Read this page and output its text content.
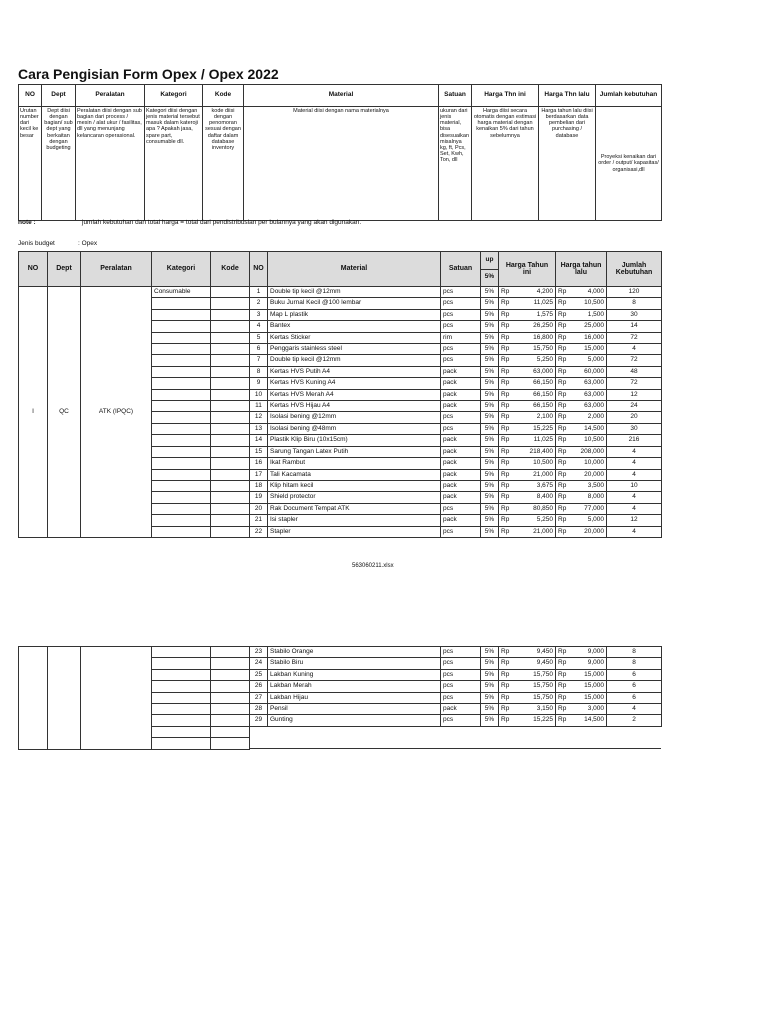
Cara Pengisian Form Opex / Opex 2022
NO	Dept	Peralatan	Kategori	Kode	Material	Satuan	Harga Thn ini	Harga Thn lalu	Jumlah kebutuhan
Urutan number dari kecil ke besar	Dept diisi dengan bagian/ sub dept yang berkaitan dengan budgeting	Peralatan diisi dengan sub bagian dari process / mesin / alat ukur / fasilitas, dll yang menunjang kelancaran operasional.	Kategori diisi dengan jenis material tersebut masuk dalam kateroji apa ? Apakah jasa, spare part, consumable dll.	kode diisi dengan penomoran sesuai dengan daftar dalam database inventory	Material diisi dengan nama materialnya	ukuran dari jenis material, bisa disesuaikan misalnya kg, ft, Pcs, Set, Kwh, Ton, dll	Harga diisi secara otomatis dengan estimasi harga material dengan kenaikan 5% dari tahun sebelumnya	Harga tahun lalu diisi berdasarkan data pembelian dari purchasing / database	Proyeksi kenaikan dari order / output/ kapasitas/ organisasi,dll
note :	jumlah kebutuhan dan total harga = total dari pendistribusian per bulannya yang akan digunakan.
Jenis budget	: Opex
NO	Dept	Peralatan	Kategori	Kode	NO	Material	Satuan	up	Harga Tahun ini	Harga tahun lalu	Jumlah Kebutuhan
								5%			
I	QC	ATK (IPQC)	Consumable		1	Double tip kecil @12mm	pcs	5%	Rp 4,200	Rp 4,000	120
					2	Buku Jurnal Kecil @100 lembar	pcs	5%	Rp 11,025	Rp 10,500	8
					3	Map L plastik	pcs	5%	Rp 1,575	Rp 1,500	30
					4	Bantex	pcs	5%	Rp 26,250	Rp 25,000	14
					5	Kertas Sticker	rim	5%	Rp 16,800	Rp 16,000	72
					6	Penggaris stainless steel	pcs	5%	Rp 15,750	Rp 15,000	4
					7	Double tip kecil @12mm	pcs	5%	Rp 5,250	Rp 5,000	72
					8	Kertas HVS Putih A4	pack	5%	Rp 63,000	Rp 60,000	48
					9	Kertas HVS Kuning A4	pack	5%	Rp 66,150	Rp 63,000	72
					10	Kertas HVS Merah A4	pack	5%	Rp 66,150	Rp 63,000	12
					11	Kertas HVS Hijau A4	pack	5%	Rp 66,150	Rp 63,000	24
					12	Isolasi bening @12mm	pcs	5%	Rp 2,100	Rp 2,000	20
					13	Isolasi bening @48mm	pcs	5%	Rp 15,225	Rp 14,500	30
					14	Plastik Klip Biru (10x15cm)	pack	5%	Rp 11,025	Rp 10,500	216
					15	Sarung Tangan Latex Putih	pack	5%	Rp 218,400	Rp 208,000	4
					16	Ikat Rambut	pack	5%	Rp 10,500	Rp 10,000	4
					17	Tali Kacamata	pack	5%	Rp 21,000	Rp 20,000	4
					18	Klip hitam kecil	pack	5%	Rp 3,675	Rp 3,500	10
					19	Shield protector	pack	5%	Rp 8,400	Rp 8,000	4
					20	Rak Document Tempat ATK	pcs	5%	Rp 80,850	Rp 77,000	4
					21	Isi stapler	pack	5%	Rp 5,250	Rp 5,000	12
					22	Stapler	pcs	5%	Rp 21,000	Rp 20,000	4
563060211.xlsx
					23	Stabilo Orange	pcs	5%	Rp 9,450	Rp 9,000	8
					24	Stabilo Biru	pcs	5%	Rp 9,450	Rp 9,000	8
					25	Lakban Kuning	pcs	5%	Rp 15,750	Rp 15,000	6
					26	Lakban Merah	pcs	5%	Rp 15,750	Rp 15,000	6
					27	Lakban Hijau	pcs	5%	Rp 15,750	Rp 15,000	6
					28	Pensil	pack	5%	Rp 3,150	Rp 3,000	4
					29	Gunting	pcs	5%	Rp 15,225	Rp 14,500	2
